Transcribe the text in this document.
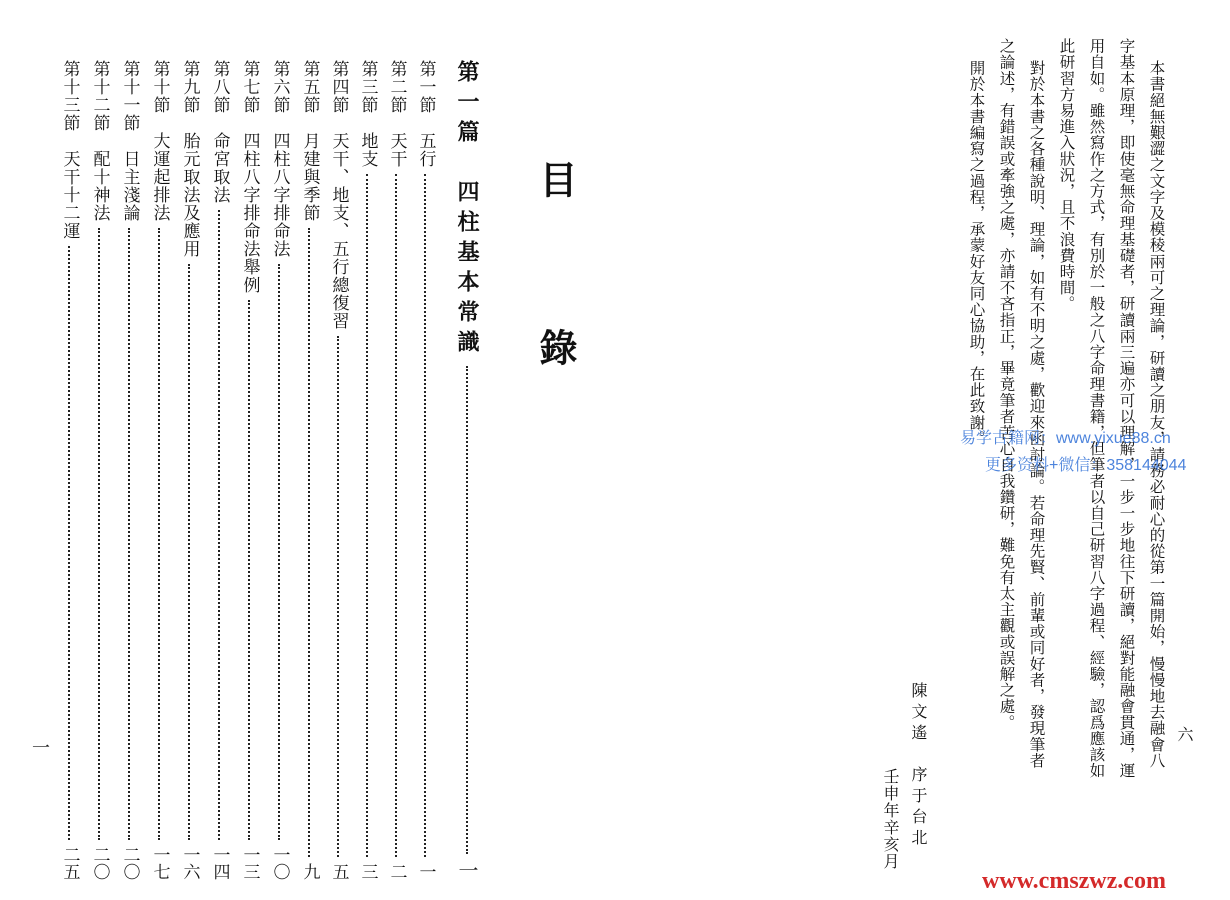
目　錄
第一篇　四柱基本常識
一
第一節　五行
一
第二節　天干
二
第三節　地支
三
第四節　天干、地支、五行總復習
五
第五節　月建與季節
九
第六節　四柱八字排命法
一〇
第七節　四柱八字排命法舉例
一三
第八節　命宮取法
一四
第九節　胎元取法及應用
一六
第十節　大運起排法
一七
第十一節　日主淺論
二〇
第十二節　配十神法
二〇
第十三節　天干十二運
二五
一
六
本書絕無艱澀之文字及模稜兩可之理論，研讀之朋友，請務必耐心的從第一篇開始，慢慢地去融會八
字基本原理，即使毫無命理基礎者，研讀兩三遍亦可以理解，一步一步地往下研讀，絕對能融會貫通，運
用自如。雖然寫作之方式，有別於一般之八字命理書籍，但筆者以自己研習八字過程、經驗，認爲應該如
此研習方易進入狀況，且不浪費時間。
對於本書之各種說明、理論，如有不明之處，歡迎來函討論。若命理先賢、前輩或同好者，發現筆者
之論述，有錯誤或牽強之處，亦請不吝指正，畢竟筆者苦心自我鑽研，難免有太主觀或誤解之處。
開於本書編寫之過程，承蒙好友同心協助，在此致謝。
陳文遙　序于台北
壬申年辛亥月
易学古籍网：www.yixue88.cn
更多资料+微信：358144044
www.cmszwz.com
